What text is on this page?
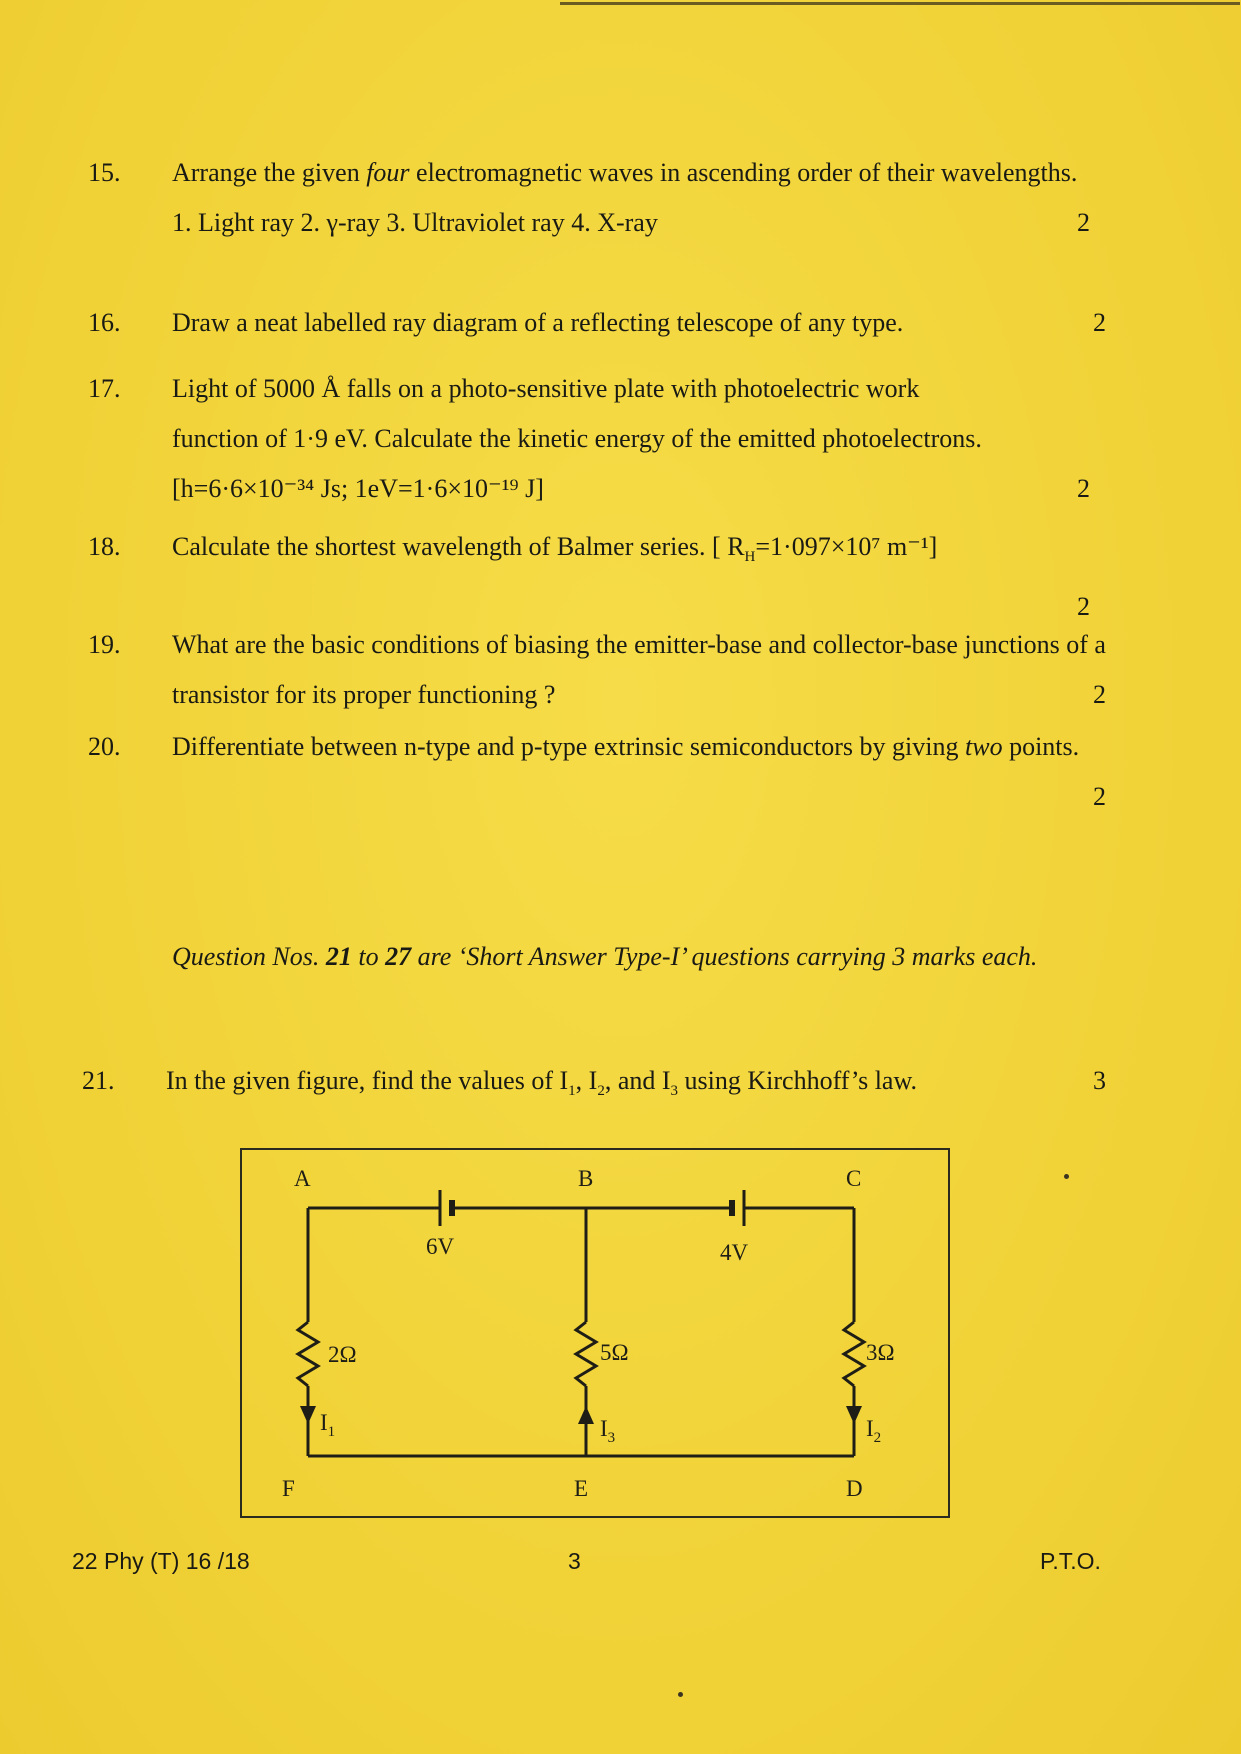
15.	Arrange the given four electromagnetic waves in ascending order of their wavelengths.
1. Light ray 2. γ-ray 3. Ultraviolet ray 4. X-ray	2
16.	Draw a neat labelled ray diagram of a reflecting telescope of any type.	2
17.	Light of 5000 Å falls on a photo-sensitive plate with photoelectric work
function of 1·9 eV. Calculate the kinetic energy of the emitted photoelectrons.
[h=6·6×10⁻³⁴ Js; 1eV=1·6×10⁻¹⁹ J]	2
18.	Calculate the shortest wavelength of Balmer series. [ $R_H=1\cdot 097\times 10^7$ m⁻¹]
2
19.	What are the basic conditions of biasing the emitter-base and collector-base junctions of a transistor for its proper functioning ?	2
20.	Differentiate between n-type and p-type extrinsic semiconductors by giving two points.
2
Question Nos. 21 to 27 are ‘Short Answer Type-I’ questions carrying 3 marks each.
21.	In the given figure, find the values of $I_1$, $I_2$, and $I_3$ using Kirchhoff’s law.	3
A	B	C
D
E
F
6V	4V
2Ω	5Ω	3Ω
$I_1$	$I_3$	$I_2$
22 Phy (T) 16 /18	3	P.T.O.
